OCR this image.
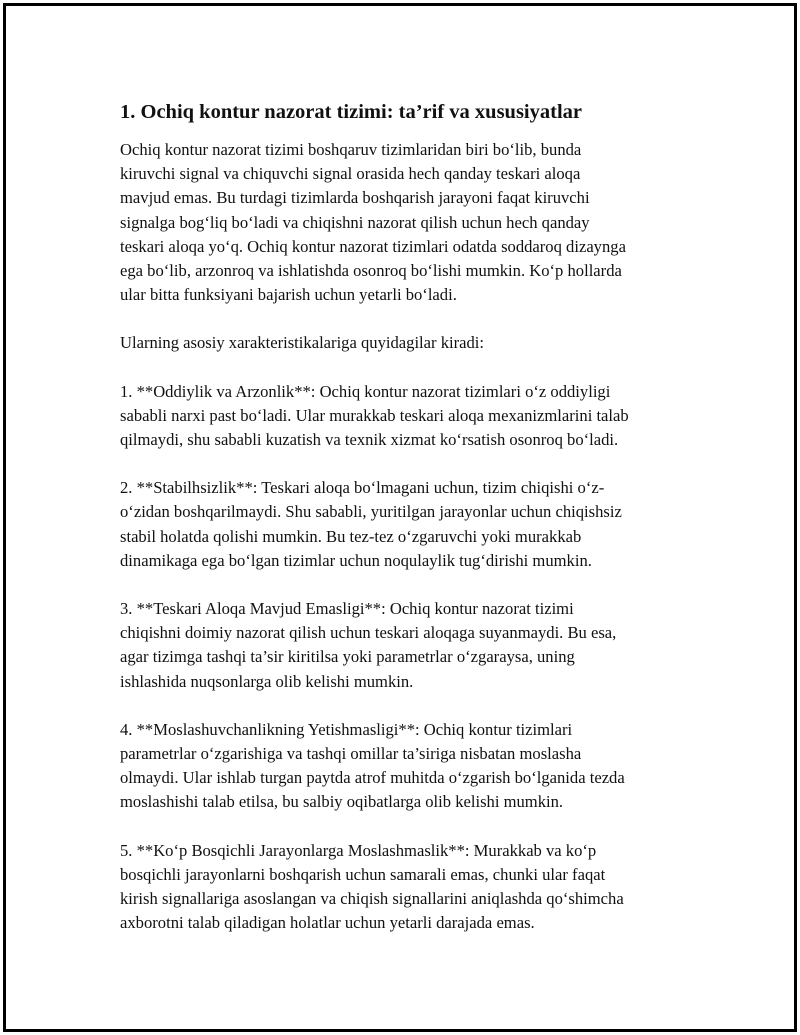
1. Ochiq kontur nazorat tizimi: ta’rif va xususiyatlar

Ochiq kontur nazorat tizimi boshqaruv tizimlaridan biri bo‘lib, bunda
kiruvchi signal va chiquvchi signal orasida hech qanday teskari aloqa
mavjud emas. Bu turdagi tizimlarda boshqarish jarayoni faqat kiruvchi
signalga bog‘liq bo‘ladi va chiqishni nazorat qilish uchun hech qanday
teskari aloqa yo‘q. Ochiq kontur nazorat tizimlari odatda soddaroq dizaynga
ega bo‘lib, arzonroq va ishlatishda osonroq bo‘lishi mumkin. Ko‘p hollarda
ular bitta funksiyani bajarish uchun yetarli bo‘ladi.

Ularning asosiy xarakteristikalariga quyidagilar kiradi:

1. **Oddiylik va Arzonlik**: Ochiq kontur nazorat tizimlari o‘z oddiyligi
sababli narxi past bo‘ladi. Ular murakkab teskari aloqa mexanizmlarini talab
qilmaydi, shu sababli kuzatish va texnik xizmat ko‘rsatish osonroq bo‘ladi.

2. **Stabilhsizlik**: Teskari aloqa bo‘lmagani uchun, tizim chiqishi o‘z-
o‘zidan boshqarilmaydi. Shu sababli, yuritilgan jarayonlar uchun chiqishsiz
stabil holatda qolishi mumkin. Bu tez-tez o‘zgaruvchi yoki murakkab
dinamikaga ega bo‘lgan tizimlar uchun noqulaylik tug‘dirishi mumkin.

3. **Teskari Aloqa Mavjud Emasligi**: Ochiq kontur nazorat tizimi
chiqishni doimiy nazorat qilish uchun teskari aloqaga suyanmaydi. Bu esa,
agar tizimga tashqi ta’sir kiritilsa yoki parametrlar o‘zgaraysa, uning
ishlashida nuqsonlarga olib kelishi mumkin.

4. **Moslashuvchanlikning Yetishmasligi**: Ochiq kontur tizimlari
parametrlar o‘zgarishiga va tashqi omillar ta’siriga nisbatan moslasha
olmaydi. Ular ishlab turgan paytda atrof muhitda o‘zgarish bo‘lganida tezda
moslashishi talab etilsa, bu salbiy oqibatlarga olib kelishi mumkin.

5. **Ko‘p Bosqichli Jarayonlarga Moslashmaslik**: Murakkab va ko‘p
bosqichli jarayonlarni boshqarish uchun samarali emas, chunki ular faqat
kirish signallariga asoslangan va chiqish signallarini aniqlashda qo‘shimcha
axborotni talab qiladigan holatlar uchun yetarli darajada emas.
